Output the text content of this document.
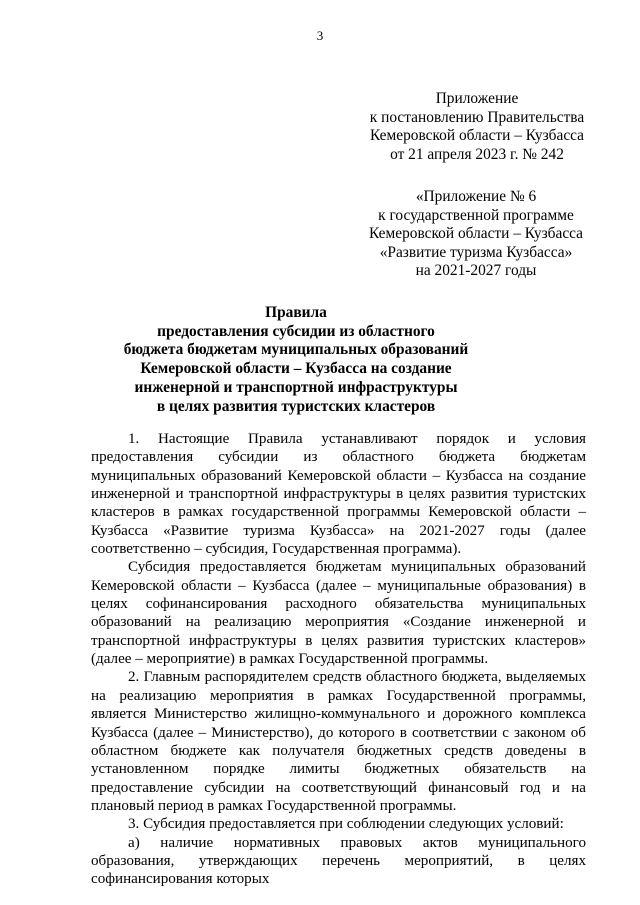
3
Приложение
к постановлению Правительства
Кемеровской области – Кузбасса
от 21 апреля 2023 г. № 242
«Приложение № 6
к государственной программе
Кемеровской области – Кузбасса
«Развитие туризма Кузбасса»
на 2021-2027 годы
Правила
предоставления субсидии из областного
бюджета бюджетам муниципальных образований
Кемеровской области – Кузбасса на создание
инженерной и транспортной инфраструктуры
в целях развития туристских кластеров

1. Настоящие Правила устанавливают порядок и условия предоставления субсидии из областного бюджета бюджетам муниципальных образований Кемеровской области – Кузбасса на создание инженерной и транспортной инфраструктуры в целях развития туристских кластеров в рамках государственной программы Кемеровской области – Кузбасса «Развитие туризма Кузбасса» на 2021-2027 годы (далее соответственно – субсидия, Государственная программа).

Субсидия предоставляется бюджетам муниципальных образований Кемеровской области – Кузбасса (далее – муниципальные образования) в целях софинансирования расходного обязательства муниципальных образований на реализацию мероприятия «Создание инженерной и транспортной инфраструктуры в целях развития туристских кластеров» (далее – мероприятие) в рамках Государственной программы.

2. Главным распорядителем средств областного бюджета, выделяемых на реализацию мероприятия в рамках Государственной программы, является Министерство жилищно-коммунального и дорожного комплекса Кузбасса (далее – Министерство), до которого в соответствии с законом об областном бюджете как получателя бюджетных средств доведены в установленном порядке лимиты бюджетных обязательств на предоставление субсидии на соответствующий финансовый год и на плановый период в рамках Государственной программы.

3. Субсидия предоставляется при соблюдении следующих условий:

а) наличие нормативных правовых актов муниципального образования, утверждающих перечень мероприятий, в целях софинансирования которых
